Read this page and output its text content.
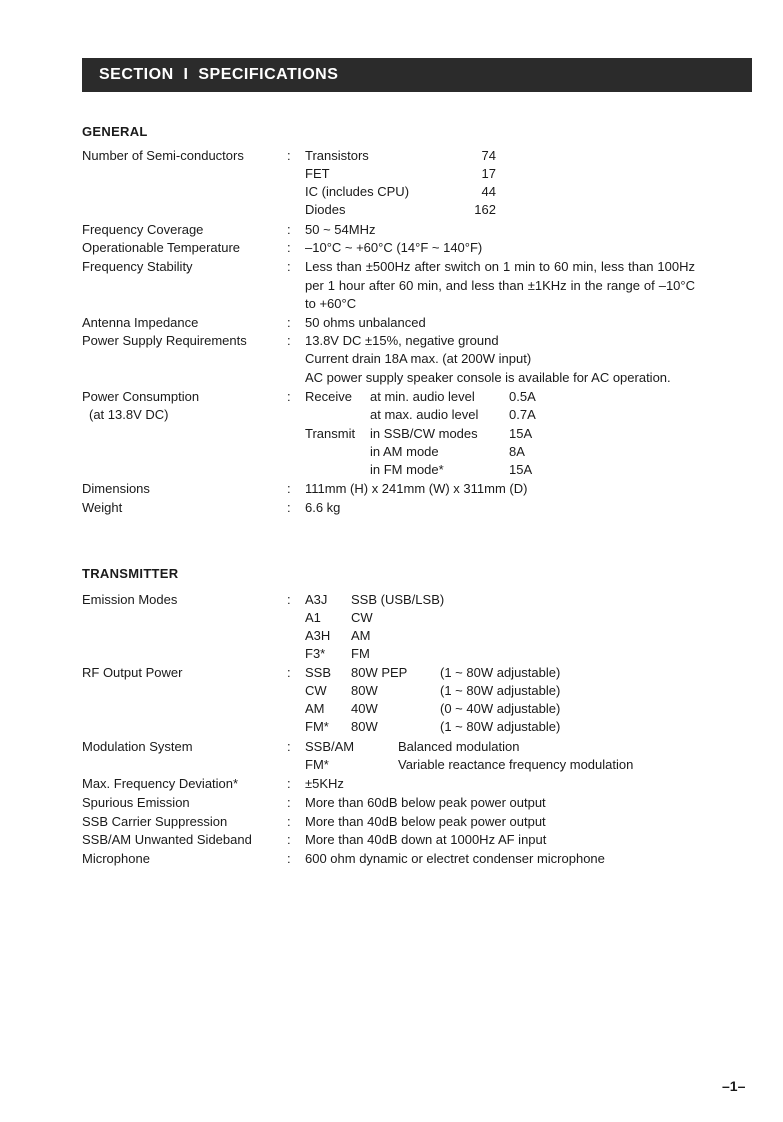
SECTION  I  SPECIFICATIONS
GENERAL
Number of Semi-conductors	: Transistors	74
FET	17
IC (includes CPU)	44
Diodes	162
Frequency Coverage	: 50 ~ 54MHz
Operationable Temperature	: –10°C ~ +60°C (14°F ~ 140°F)
Frequency Stability	: Less than ±500Hz after switch on 1 min to 60 min, less than 100Hz per 1 hour after 60 min, and less than ±1KHz in the range of –10°C to +60°C
Antenna Impedance	: 50 ohms unbalanced
Power Supply Requirements	: 13.8V DC ±15%, negative ground
Current drain 18A max. (at 200W input)
AC power supply speaker console is available for AC operation.
Power Consumption
(at 13.8V DC)
: Receive at min. audio level	0.5A
at max. audio level 0.7A
Transmit in SSB/CW modes 15A
in AM mode	8A
in FM mode*	15A
Dimensions	: 111mm (H) x 241mm (W) x 311mm (D)
Weight	: 6.6 kg
TRANSMITTER
Emission Modes	: A3J SSB (USB/LSB)
A1 CW
A3H AM
F3* FM
RF Output Power	: SSB 80W PEP	(1 ~ 80W adjustable)
CW 80W	(1 ~ 80W adjustable)
AM 40W	(0 ~ 40W adjustable)
FM* 80W	(1 ~ 80W adjustable)
Modulation System	: SSB/AM	Balanced modulation
FM*	Variable reactance frequency modulation
Max. Frequency Deviation*	: ±5KHz
Spurious Emission	: More than 60dB below peak power output
SSB Carrier Suppression	: More than 40dB below peak power output
SSB/AM Unwanted Sideband	: More than 40dB down at 1000Hz AF input
Microphone	: 600 ohm dynamic or electret condenser microphone
–1–
